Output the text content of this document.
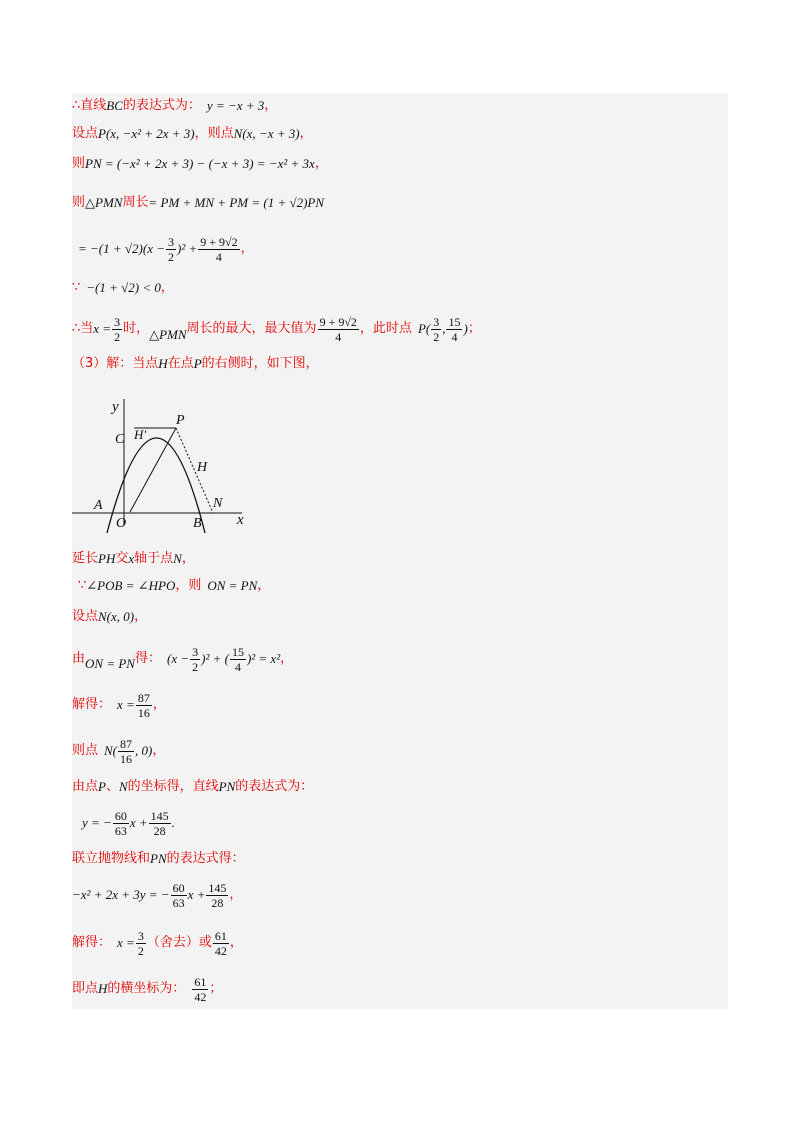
∴直线 BC 的表达式为： y = −x + 3 ，
设点 P(x, −x² + 2x + 3) ，则点 N(x, −x + 3) ，
则 PN = (−x² + 2x + 3) − (−x + 3) = −x² + 3x ，
则 △PMN 周长 = PM + MN + PM = (1 + √2)PN
= $-(1 + √2)(x - \frac{3}{2} )^2 + \frac{9 + 9√2}{4}$ ，
∵ −(1 + √2) < 0 ，
∴当 $x = \frac{3}{2}$ 时， △PMN 周长的最大，最大值为 $\frac{9 + 9√2}{4}$ ，此时点 $P( \frac{3}{2}$ , $\frac{15}{4}$ ) ；
（3）解：当点 H 在点 P 的右侧时，如下图，
y
x
C H′
P
H
A
O	B
N
延长 PH 交 x 轴于点 N ，
∵ ∠POB = ∠HPO ，则 ON = PN ，
设点 N(x, 0) ，
由 ON = PN 得： $(x - \frac{3}{2} )^2$ + ( $\frac{15}{4} )^2 = x^2$ ，
解得： $x = \frac{87}{16}$ ，
则点 $N( \frac{87}{16}$ , 0) ，
由点 P 、 N 的坐标得，直线 PN 的表达式为：
y = − $\frac{60}{63}$ $x + \frac{145}{28}$ .
联立抛物线和 PN 的表达式得：
−x² + 2x + 3y = − $\frac{60}{63}$ $x + \frac{145}{28}$ ，
解得： $x = \frac{3}{2}$ （舍去）或 $\frac{61}{42}$ ，
即点 H 的横坐标为： $\frac{61}{42}$ ；
